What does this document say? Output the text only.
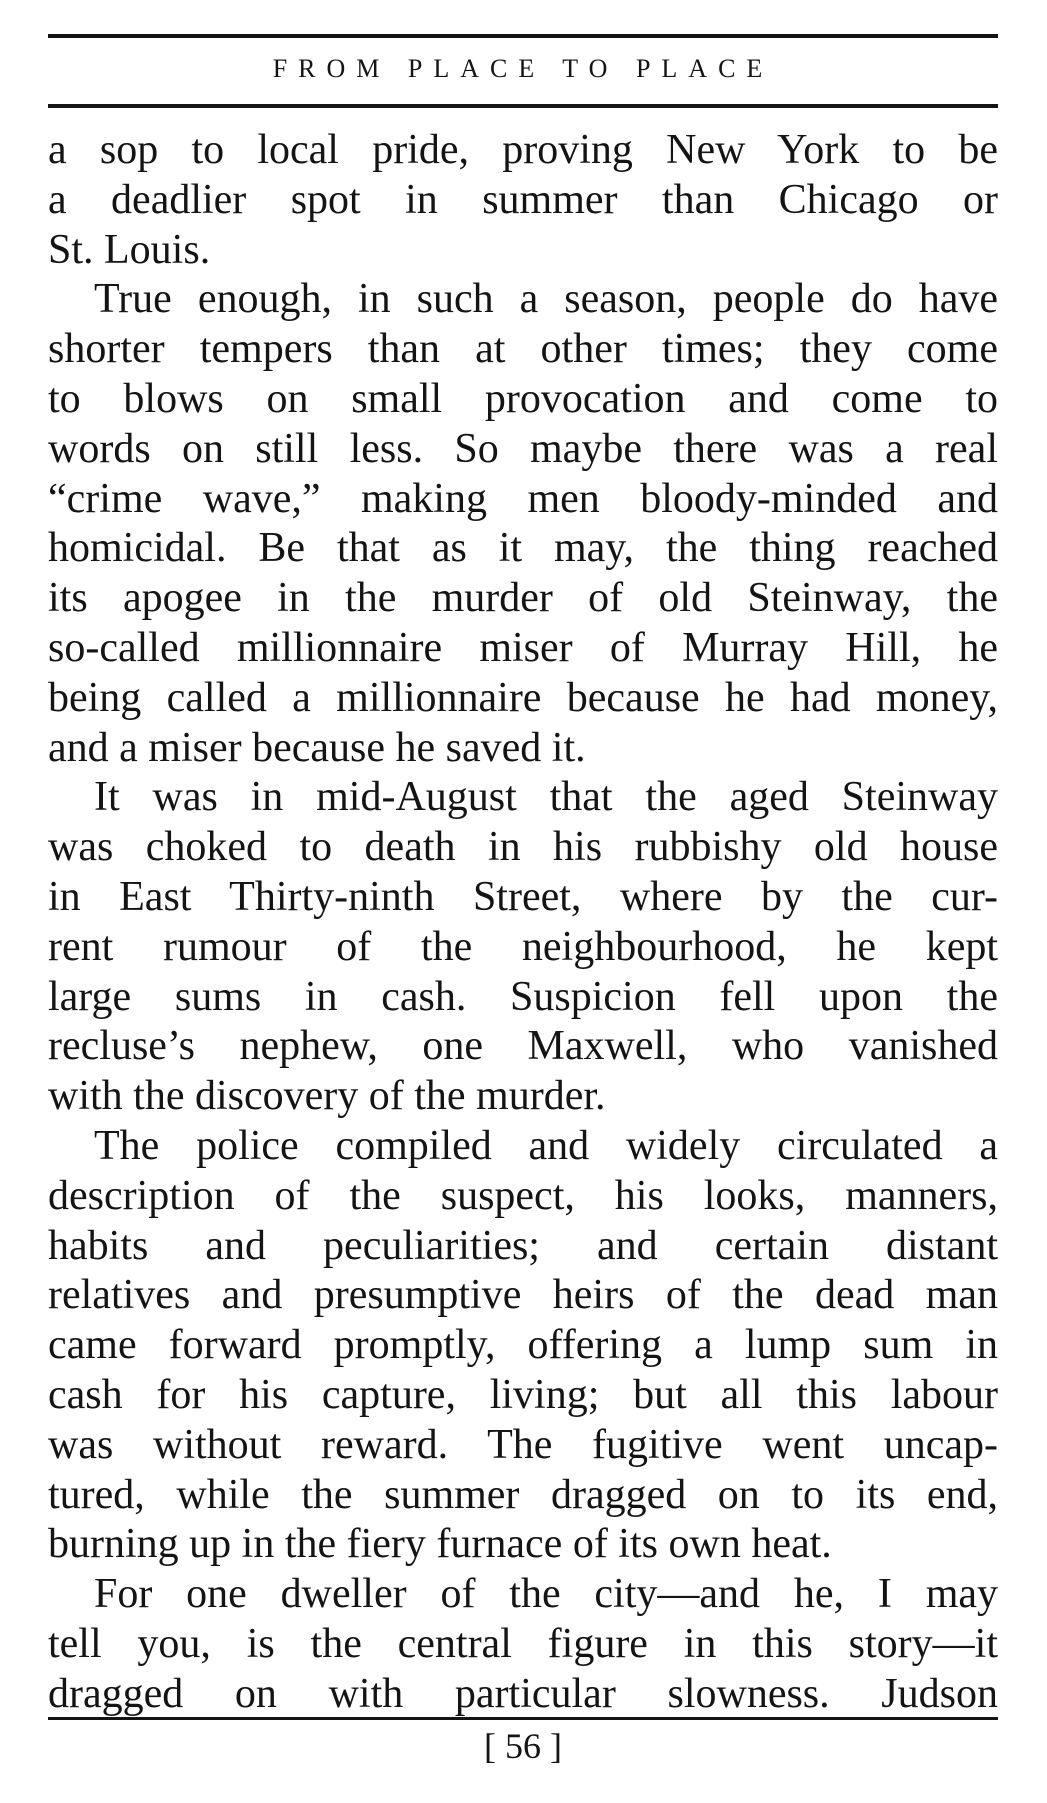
FROM PLACE TO PLACE
a sop to local pride, proving New York to be
a deadlier spot in summer than Chicago or
St. Louis.
True enough, in such a season, people do have
shorter tempers than at other times; they come
to blows on small provocation and come to
words on still less. So maybe there was a real
“crime wave,” making men bloody-minded and
homicidal. Be that as it may, the thing reached
its apogee in the murder of old Steinway, the
so-called millionnaire miser of Murray Hill, he
being called a millionnaire because he had money,
and a miser because he saved it.
It was in mid-August that the aged Steinway
was choked to death in his rubbishy old house
in East Thirty-ninth Street, where by the cur-
rent rumour of the neighbourhood, he kept
large sums in cash. Suspicion fell upon the
recluse’s nephew, one Maxwell, who vanished
with the discovery of the murder.
The police compiled and widely circulated a
description of the suspect, his looks, manners,
habits and peculiarities; and certain distant
relatives and presumptive heirs of the dead man
came forward promptly, offering a lump sum in
cash for his capture, living; but all this labour
was without reward. The fugitive went uncap-
tured, while the summer dragged on to its end,
burning up in the fiery furnace of its own heat.
For one dweller of the city—and he, I may
tell you, is the central figure in this story—it
dragged on with particular slowness. Judson
[ 56 ]
